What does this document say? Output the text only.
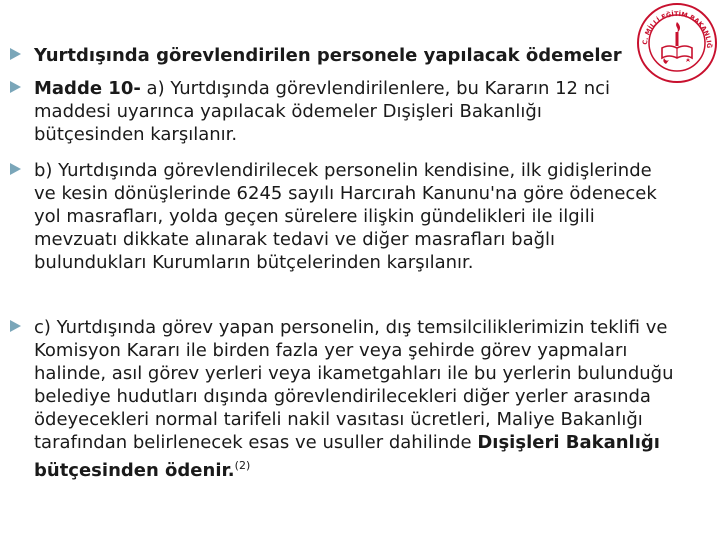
C. MİLLİ EĞİTİM BAKANLIĞ

Yurtdışında görevlendirilen personele yapılacak ödemeler

Madde 10- a) Yurtdışında görevlendirilenlere, bu Kararın 12 nci maddesi uyarınca yapılacak ödemeler Dışişleri Bakanlığı bütçesinden karşılanır.

b) Yurtdışında görevlendirilecek personelin kendisine, ilk gidişlerinde ve kesin dönüşlerinde 6245 sayılı Harcırah Kanunu'na göre ödenecek yol masrafları, yolda geçen sürelere ilişkin gündelikleri ile ilgili mevzuatı dikkate alınarak tedavi ve diğer masrafları bağlı bulundukları Kurumların bütçelerinden karşılanır.

c) Yurtdışında görev yapan personelin, dış temsilciliklerimizin teklifi ve Komisyon Kararı ile birden fazla yer veya şehirde görev yapmaları halinde, asıl görev yerleri veya ikametgahları ile bu yerlerin bulunduğu belediye hudutları dışında görevlendirilecekleri diğer yerler arasında ödeyecekleri normal tarifeli nakil vasıtası ücretleri, Maliye Bakanlığı tarafından belirlenecek esas ve usuller dahilinde Dışişleri Bakanlığı bütçesinden ödenir.$^{(2)}$
